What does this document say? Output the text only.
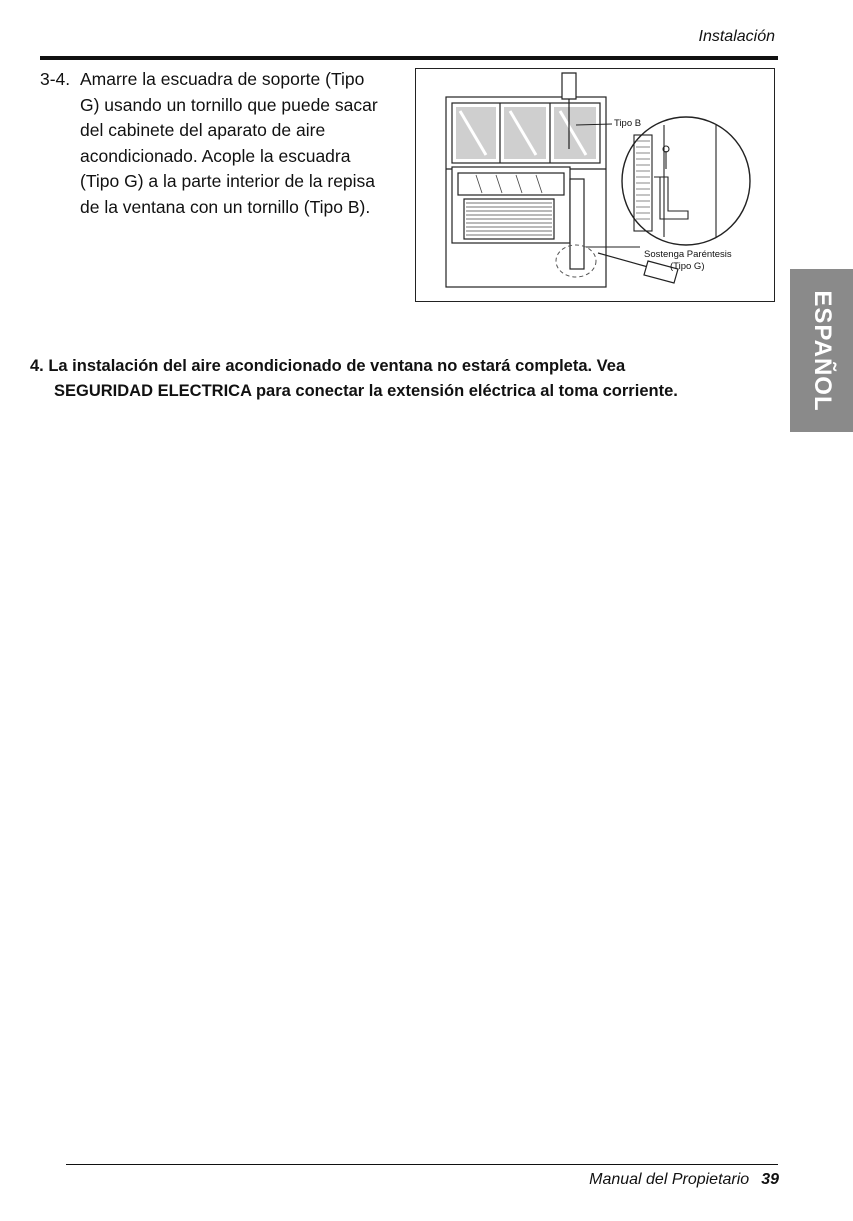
Instalación
3-4. Amarre la escuadra de soporte (Tipo
G) usando un tornillo que puede sacar
del cabinete del aparato de aire
acondicionado. Acople la escuadra
(Tipo G) a la parte interior de la repisa
de la ventana con un tornillo (Tipo B).
Tipo B
Sostenga Paréntesis
(Tipo G)
4. La instalación del aire acondicionado de ventana no estará completa. Vea
SEGURIDAD ELECTRICA para conectar la extensión eléctrica al toma corriente.	ESPAÑOL
Manual del Propietario 39
